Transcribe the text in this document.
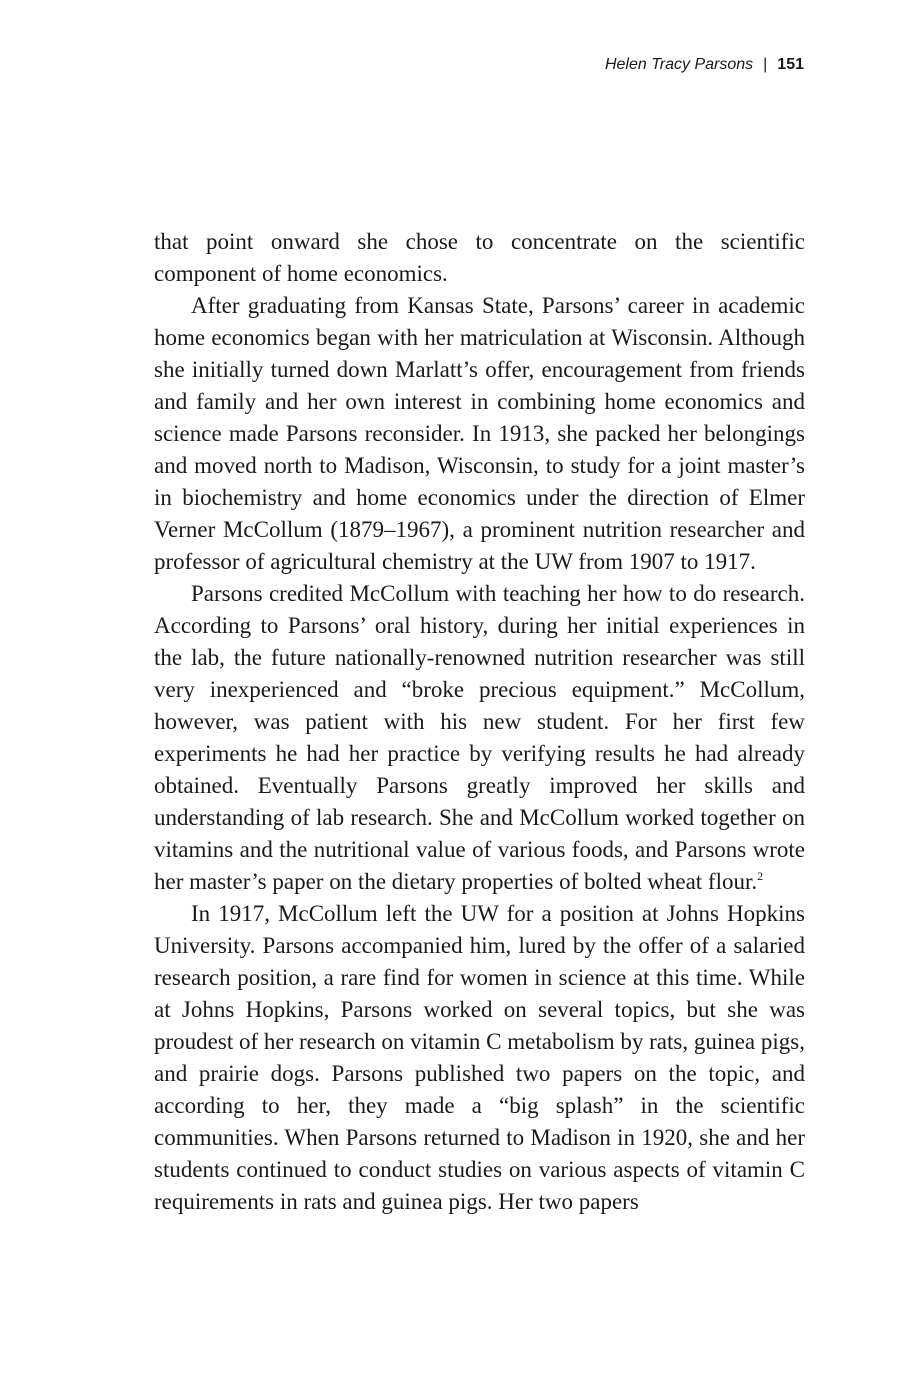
Helen Tracy Parsons | 151

that point onward she chose to concentrate on the scientific component of home economics.

After graduating from Kansas State, Parsons’ career in academic home economics began with her matriculation at Wisconsin. Although she initially turned down Marlatt’s offer, encouragement from friends and family and her own interest in combining home economics and science made Parsons reconsider. In 1913, she packed her belongings and moved north to Madison, Wisconsin, to study for a joint master’s in biochemistry and home economics under the direction of Elmer Verner McCollum (1879–1967), a prominent nutrition researcher and professor of agricultural chemistry at the UW from 1907 to 1917.

Parsons credited McCollum with teaching her how to do research. According to Parsons’ oral history, during her initial experiences in the lab, the future nationally-renowned nutrition researcher was still very inexperienced and “broke precious equipment.” McCollum, however, was patient with his new student. For her first few experiments he had her practice by verifying results he had already obtained. Eventually Parsons greatly improved her skills and understanding of lab research. She and McCollum worked together on vitamins and the nutritional value of various foods, and Parsons wrote her master’s paper on the dietary properties of bolted wheat flour.$^2$

In 1917, McCollum left the UW for a position at Johns Hopkins University. Parsons accompanied him, lured by the offer of a salaried research position, a rare find for women in science at this time. While at Johns Hopkins, Parsons worked on several topics, but she was proudest of her research on vitamin C metabolism by rats, guinea pigs, and prairie dogs. Parsons published two papers on the topic, and according to her, they made a “big splash” in the scientific communities. When Parsons returned to Madison in 1920, she and her students continued to conduct studies on various aspects of vitamin C requirements in rats and guinea pigs. Her two papers
